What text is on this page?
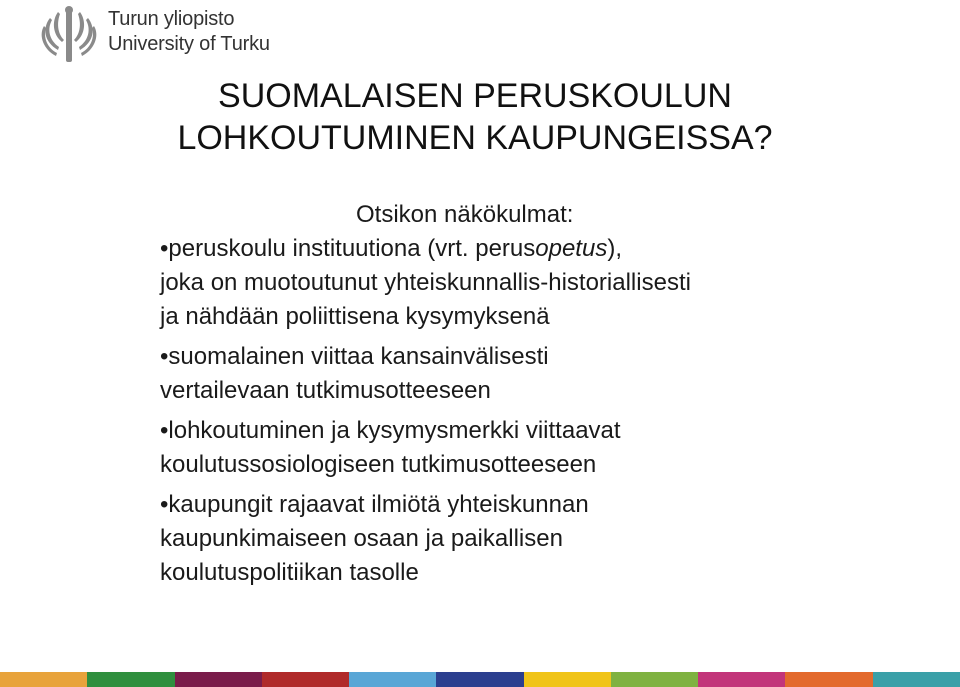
Turun yliopisto
University of Turku
SUOMALAISEN PERUSKOULUN
LOHKOUTUMINEN KAUPUNGEISSA?

Otsikon näkökulmat:

• peruskoulu instituutiona (vrt. perusopetus),

joka on muotoutunut yhteiskunnallis-historiallisesti

ja nähdään poliittisena kysymyksenä

• suomalainen viittaa kansainvälisesti

vertailevaan tutkimusotteeseen

• lohkoutuminen ja kysymysmerkki viittaavat

koulutussosiologiseen tutkimusotteeseen

• kaupungit rajaavat ilmiötä yhteiskunnan

kaupunkimaiseen osaan ja paikallisen

koulutuspolitiikan tasolle
